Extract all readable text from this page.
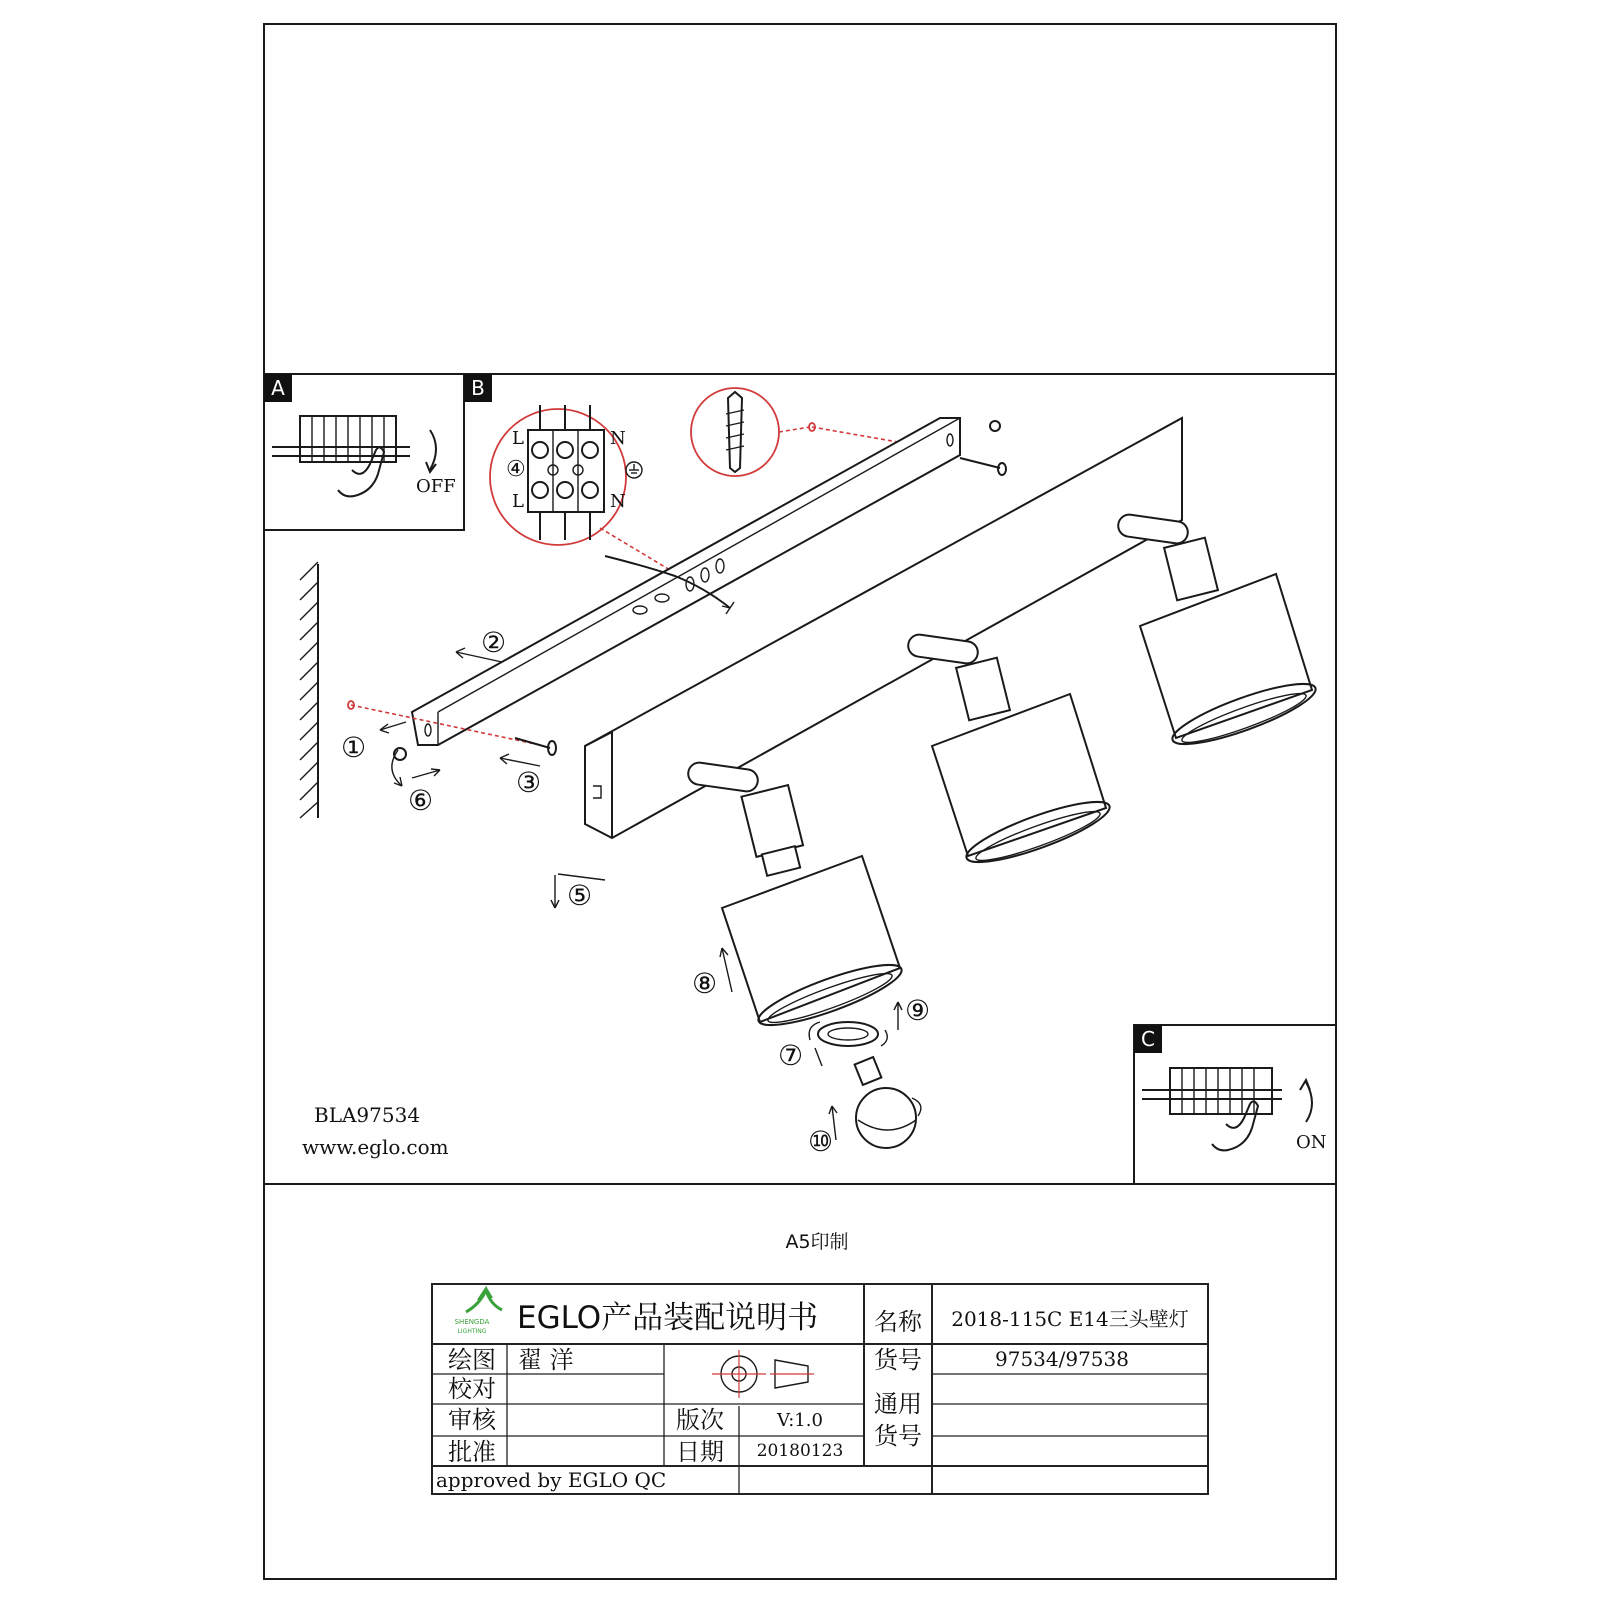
A
OFF
B
L
L
N
N
④
①
②
③
⑤
⑥
⑦
⑧
⑨
⑩
C
ON
BLA97534
www.eglo.com
A5印制
SHENGDA
LIGHTING EGLO产品装配说明书 名称 2018-115C E14三头壁灯
货号	97534/97538
绘图 翟 洋
校对
审核
批准
版次	V:1.0
日期 20180123
通用
货号
approved by EGLO QC
